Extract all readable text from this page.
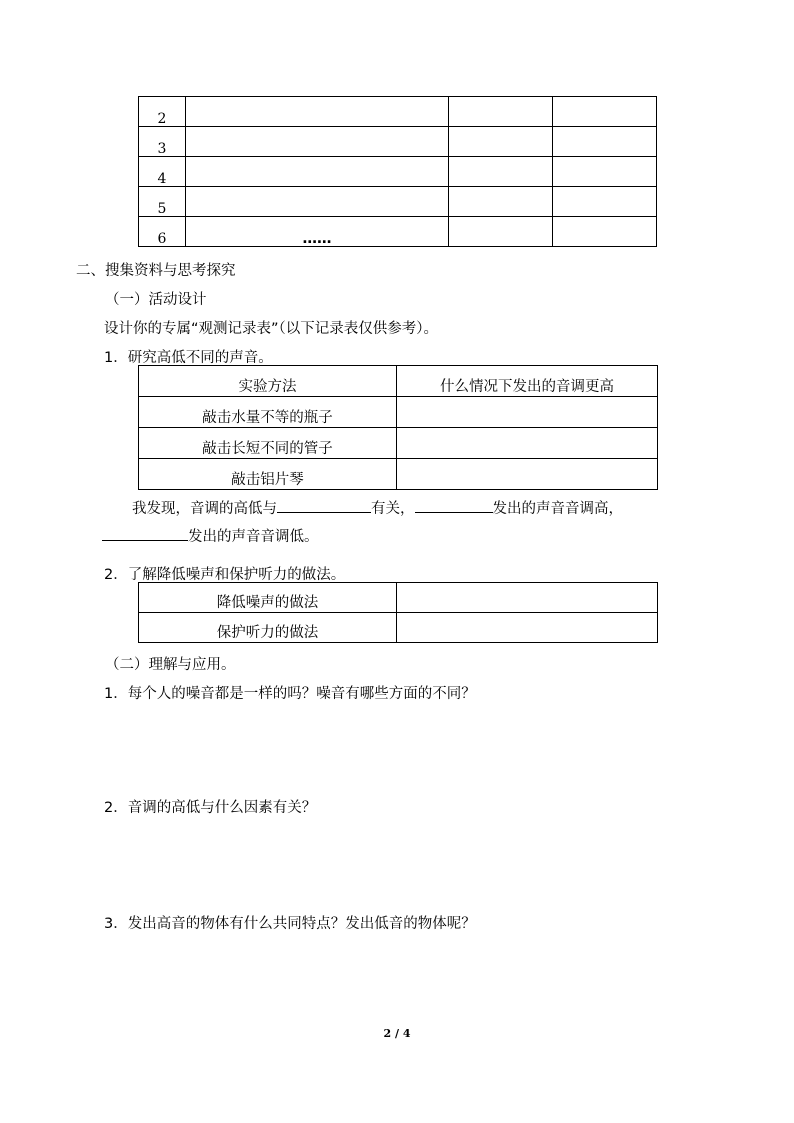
2			
3			
4			
5			
6	……		
二、搜集资料与思考探究
（一）活动设计
设计你的专属“观测记录表”（以下记录表仅供参考）。
1．研究高低不同的声音。
实验方法	什么情况下发出的音调更高
敲击水量不等的瓶子	
敲击长短不同的管子	
敲击铝片琴	
我发现，音调的高低与	有关，	发出的声音音调高，
发出的声音音调低。
2．了解降低噪声和保护听力的做法。
降低噪声的做法	
保护听力的做法	
（二）理解与应用。
1．每个人的噪音都是一样的吗？噪音有哪些方面的不同？
2．音调的高低与什么因素有关？
3．发出高音的物体有什么共同特点？发出低音的物体呢？
2 / 4
